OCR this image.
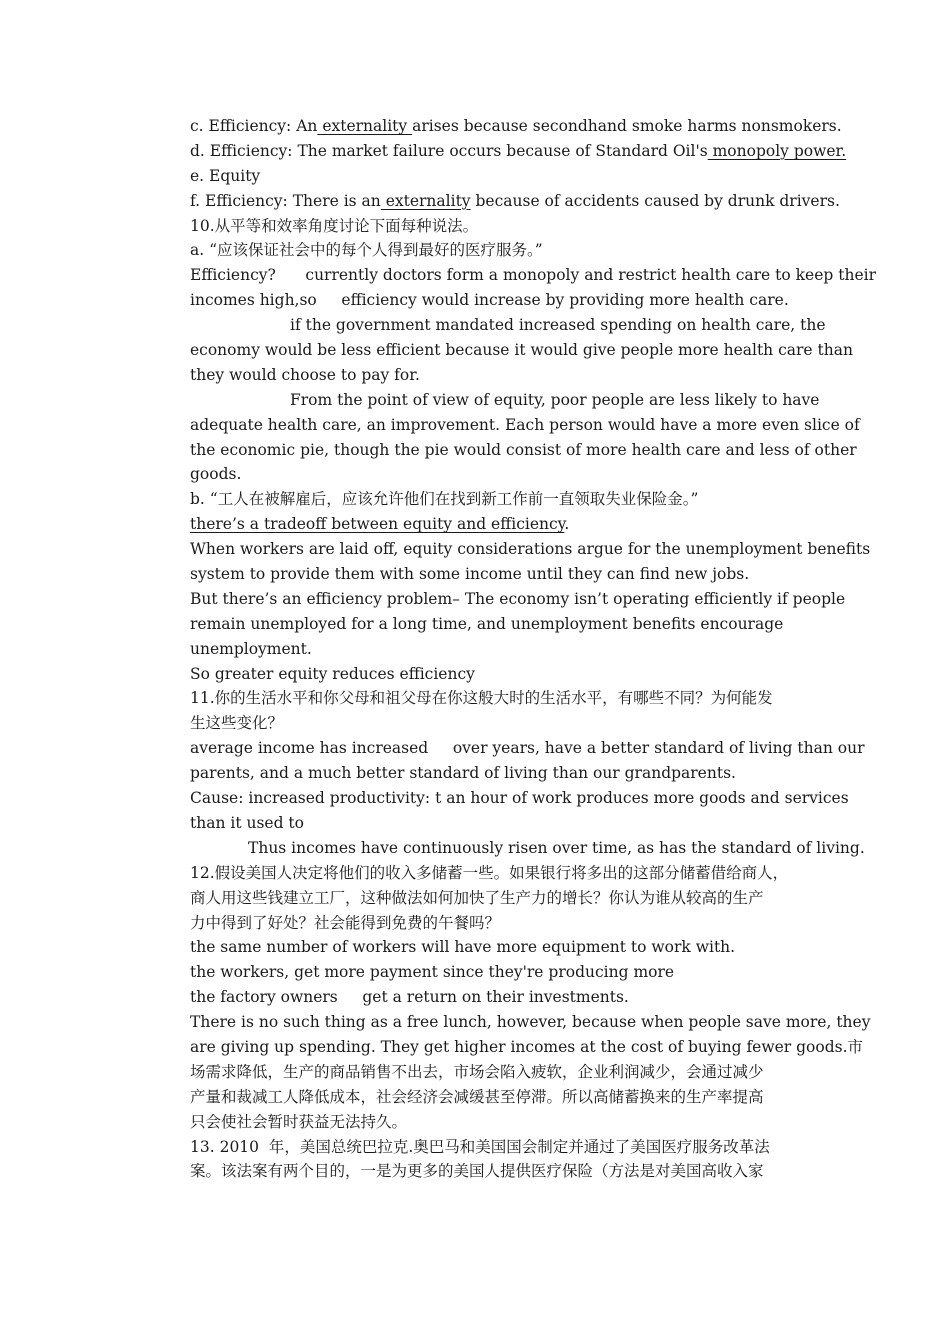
c. Efficiency: An externality arises because secondhand smoke harms nonsmokers.
d. Efficiency: The market failure occurs because of Standard Oil's monopoly power.
e. Equity
f. Efficiency: There is an externality because of accidents caused by drunk drivers.
10.从平等和效率角度讨论下面每种说法。
a. “应该保证社会中的每个人得到最好的医疗服务。”
Efficiency?      currently doctors form a monopoly and restrict health care to keep their
incomes high,so     efficiency would increase by providing more health care.
if the government mandated increased spending on health care, the
economy would be less efficient because it would give people more health care than
they would choose to pay for.
From the point of view of equity, poor people are less likely to have
adequate health care, an improvement. Each person would have a more even slice of
the economic pie, though the pie would consist of more health care and less of other
goods.
b. “工人在被解雇后，应该允许他们在找到新工作前一直领取失业保险金。”
there’s a tradeoff between equity and efficiency.
When workers are laid off, equity considerations argue for the unemployment benefits
system to provide them with some income until they can find new jobs.
But there’s an efficiency problem– The economy isn’t operating efficiently if people
remain unemployed for a long time, and unemployment benefits encourage
unemployment.
So greater equity reduces efficiency
11.你的生活水平和你父母和祖父母在你这般大时的生活水平，有哪些不同？为何能发
生这些变化？
average income has increased     over years, have a better standard of living than our
parents, and a much better standard of living than our grandparents.
Cause: increased productivity: t an hour of work produces more goods and services
than it used to
Thus incomes have continuously risen over time, as has the standard of living.
12.假设美国人决定将他们的收入多储蓄一些。如果银行将多出的这部分储蓄借给商人，
商人用这些钱建立工厂，这种做法如何加快了生产力的增长？你认为谁从较高的生产
力中得到了好处？社会能得到免费的午餐吗？
the same number of workers will have more equipment to work with.
the workers, get more payment since they're producing more
the factory owners     get a return on their investments.
There is no such thing as a free lunch, however, because when people save more, they
are giving up spending. They get higher incomes at the cost of buying fewer goods.市
场需求降低，生产的商品销售不出去，市场会陷入疲软，企业利润减少，会通过减少
产量和裁减工人降低成本，社会经济会减缓甚至停滞。所以高储蓄换来的生产率提高
只会使社会暂时获益无法持久。
13. 2010  年，美国总统巴拉克.奥巴马和美国国会制定并通过了美国医疗服务改革法
案。该法案有两个目的，一是为更多的美国人提供医疗保险（方法是对美国高收入家
